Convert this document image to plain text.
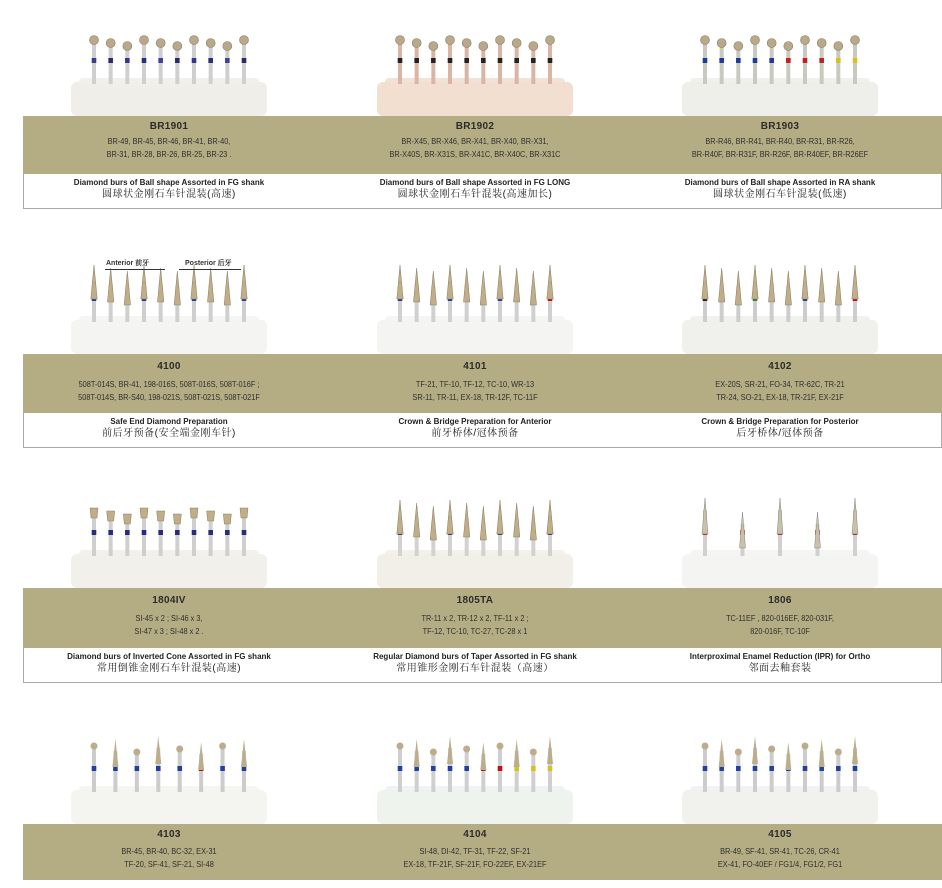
BR1901
BR-49, BR-45, BR-46, BR-41, BR-40,
BR-31, BR-28, BR-26, BR-25, BR-23 .
Diamond burs of Ball shape Assorted in FG shank
圆球状金刚石车针混装(高速)
BR1902
BR-X45, BR-X46, BR-X41, BR-X40, BR-X31,
BR-X40S, BR-X31S, BR-X41C, BR-X40C, BR-X31C
Diamond burs of Ball shape Assorted in FG LONG
圆球状金刚石车针混装(高速加长)
BR1903
BR-R46, BR-R41, BR-R40, BR-R31, BR-R26,
BR-R40F, BR-R31F, BR-R26F, BR-R40EF, BR-R26EF
Diamond burs of Ball shape Assorted in RA shank
圆球状金刚石车针混装(低速)
Anterior 前牙	Posterior 后牙
4100
508T-014S, BR-41, 198-016S, 508T-016S, 508T-016F ;
508T-014S, BR-S40, 198-021S, 508T-021S, 508T-021F
Safe End Diamond Preparation
前后牙预备(安全端金刚车针)
4101
TF-21, TF-10, TF-12, TC-10, WR-13
SR-11, TR-11, EX-18, TR-12F, TC-11F
Crown & Bridge Preparation for Anterior
前牙桥体/冠体预备
4102
EX-20S, SR-21, FO-34, TR-62C, TR-21
TR-24, SO-21, EX-18, TR-21F, EX-21F
Crown & Bridge Preparation for Posterior
后牙桥体/冠体预备
1804IV
SI-45 x 2 ; SI-46 x 3,
SI-47 x 3 ; SI-48 x 2 .
Diamond burs of Inverted Cone Assorted in FG shank
常用倒锥金刚石车针混装(高速)
1805TA
TR-11 x 2, TR-12 x 2, TF-11 x 2 ;
TF-12, TC-10, TC-27, TC-28 x 1
Regular Diamond burs of Taper Assorted in FG shank
常用锥形金刚石车针混装（高速）
1806
TC-11EF , 820-016EF, 820-031F,
820-016F, TC-10F
Interproximal Enamel Reduction (IPR) for Ortho
邻面去釉套装
4103
BR-45, BR-40, BC-32, EX-31
TF-20, SF-41, SF-21, SI-48
4104
SI-48, DI-42, TF-31, TF-22, SF-21
EX-18, TF-21F, SF-21F, FO-22EF, EX-21EF
4105
BR-49, SF-41, SR-41, TC-26, CR-41
EX-41, FO-40EF / FG1/4, FG1/2, FG1
